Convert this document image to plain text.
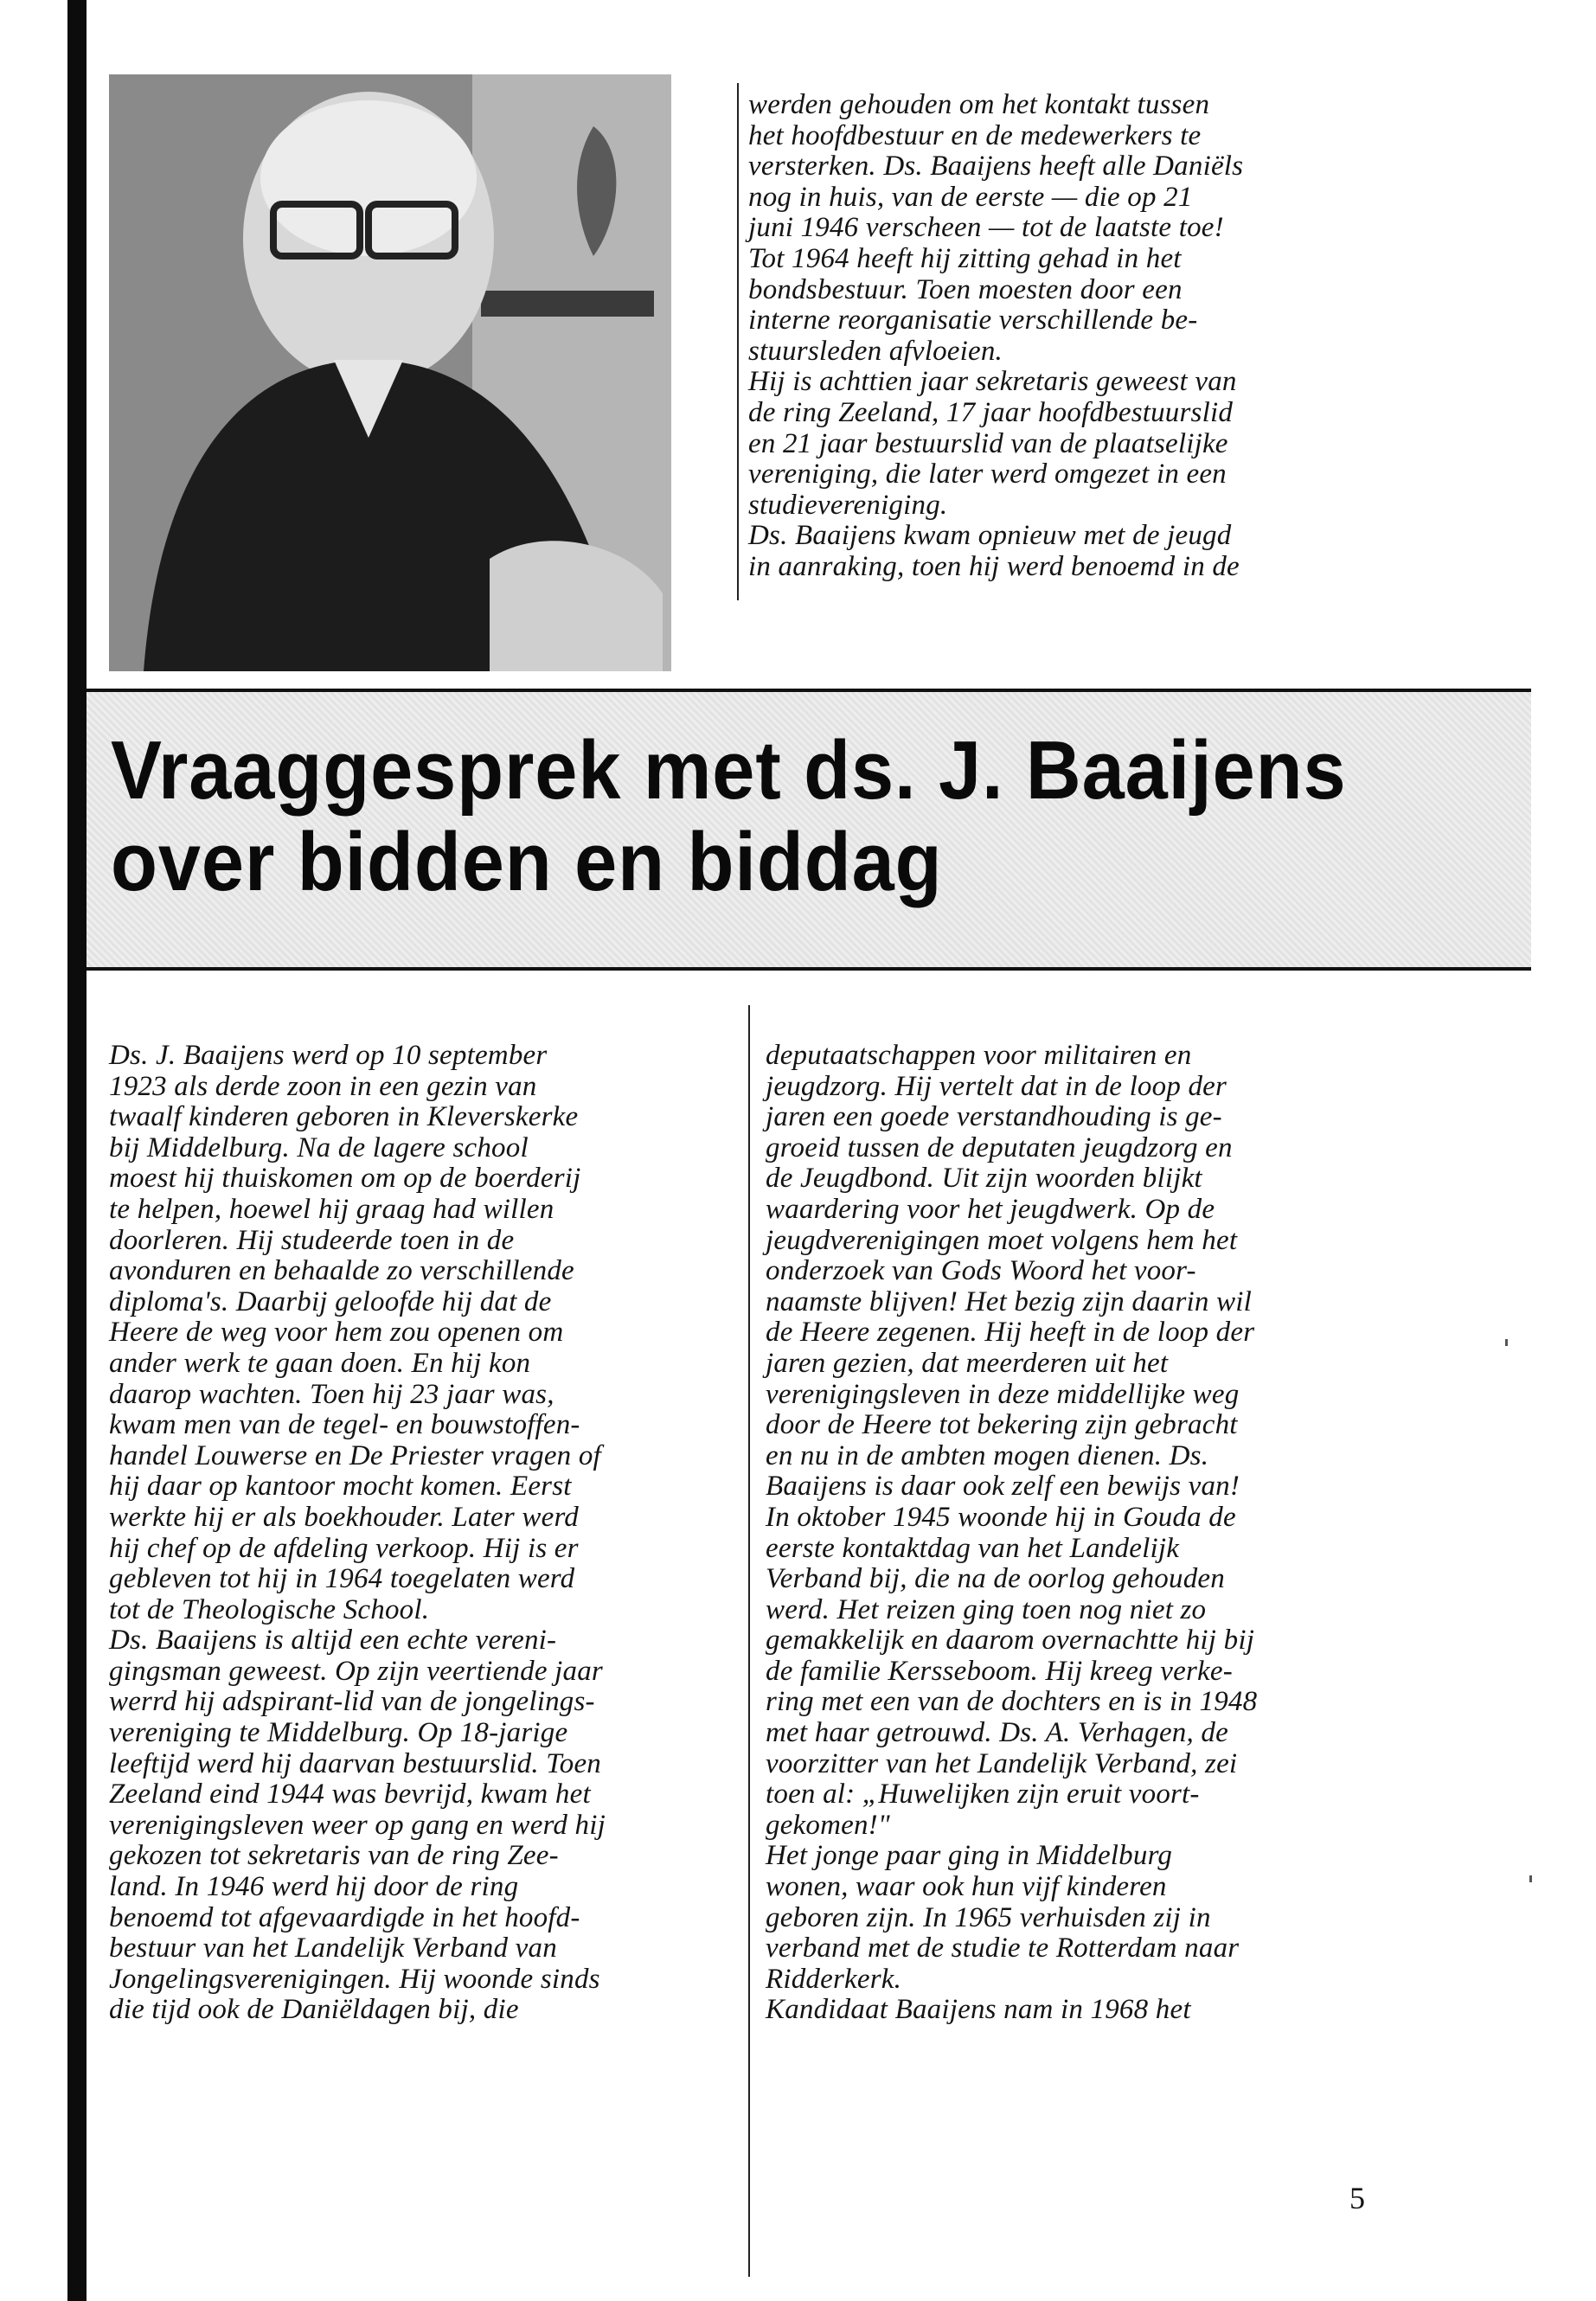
werden gehouden om het kontakt tussen
het hoofdbestuur en de medewerkers te
versterken. Ds. Baaijens heeft alle Daniëls
nog in huis, van de eerste — die op 21
juni 1946 verscheen — tot de laatste toe!
Tot 1964 heeft hij zitting gehad in het
bondsbestuur. Toen moesten door een
interne reorganisatie verschillende be-
stuursleden afvloeien.
Hij is achttien jaar sekretaris geweest van
de ring Zeeland, 17 jaar hoofdbestuurslid
en 21 jaar bestuurslid van de plaatselijke
vereniging, die later werd omgezet in een
studievereniging.
Ds. Baaijens kwam opnieuw met de jeugd
in aanraking, toen hij werd benoemd in de

Vraaggesprek met ds. J. Baaijens
over bidden en biddag

Ds. J. Baaijens werd op 10 september
1923 als derde zoon in een gezin van
twaalf kinderen geboren in Kleverskerke
bij Middelburg. Na de lagere school
moest hij thuiskomen om op de boerderij
te helpen, hoewel hij graag had willen
doorleren. Hij studeerde toen in de
avonduren en behaalde zo verschillende
diploma's. Daarbij geloofde hij dat de
Heere de weg voor hem zou openen om
ander werk te gaan doen. En hij kon
daarop wachten. Toen hij 23 jaar was,
kwam men van de tegel- en bouwstoffen-
handel Louwerse en De Priester vragen of
hij daar op kantoor mocht komen. Eerst
werkte hij er als boekhouder. Later werd
hij chef op de afdeling verkoop. Hij is er
gebleven tot hij in 1964 toegelaten werd
tot de Theologische School.
Ds. Baaijens is altijd een echte vereni-
gingsman geweest. Op zijn veertiende jaar
werrd hij adspirant-lid van de jongelings-
vereniging te Middelburg. Op 18-jarige
leeftijd werd hij daarvan bestuurslid. Toen
Zeeland eind 1944 was bevrijd, kwam het
verenigingsleven weer op gang en werd hij
gekozen tot sekretaris van de ring Zee-
land. In 1946 werd hij door de ring
benoemd tot afgevaardigde in het hoofd-
bestuur van het Landelijk Verband van
Jongelingsverenigingen. Hij woonde sinds
die tijd ook de Daniëldagen bij, die

deputaatschappen voor militairen en
jeugdzorg. Hij vertelt dat in de loop der
jaren een goede verstandhouding is ge-
groeid tussen de deputaten jeugdzorg en
de Jeugdbond. Uit zijn woorden blijkt
waardering voor het jeugdwerk. Op de
jeugdverenigingen moet volgens hem het
onderzoek van Gods Woord het voor-
naamste blijven! Het bezig zijn daarin wil
de Heere zegenen. Hij heeft in de loop der
jaren gezien, dat meerderen uit het
verenigingsleven in deze middellijke weg
door de Heere tot bekering zijn gebracht
en nu in de ambten mogen dienen. Ds.
Baaijens is daar ook zelf een bewijs van!
In oktober 1945 woonde hij in Gouda de
eerste kontaktdag van het Landelijk
Verband bij, die na de oorlog gehouden
werd. Het reizen ging toen nog niet zo
gemakkelijk en daarom overnachtte hij bij
de familie Kersseboom. Hij kreeg verke-
ring met een van de dochters en is in 1948
met haar getrouwd. Ds. A. Verhagen, de
voorzitter van het Landelijk Verband, zei
toen al: „Huwelijken zijn eruit voort-
gekomen!"
Het jonge paar ging in Middelburg
wonen, waar ook hun vijf kinderen
geboren zijn. In 1965 verhuisden zij in
verband met de studie te Rotterdam naar
Ridderkerk.
Kandidaat Baaijens nam in 1968 het

5
